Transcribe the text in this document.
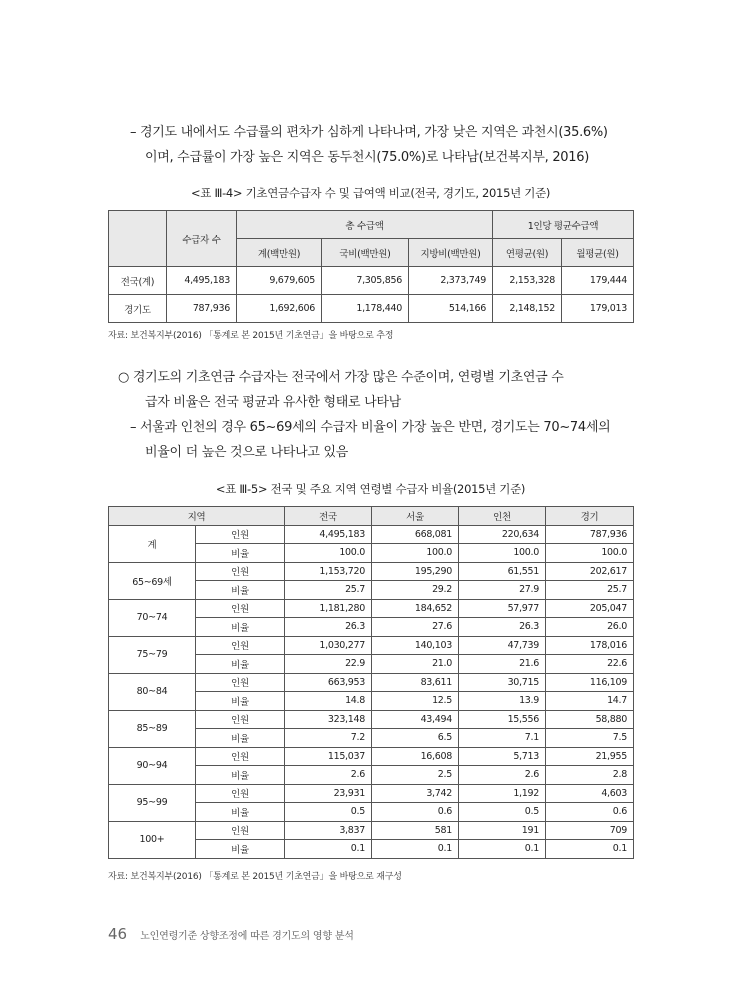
– 경기도 내에서도 수급률의 편차가 심하게 나타나며, 가장 낮은 지역은 과천시(35.6%)
이며, 수급률이 가장 높은 지역은 동두천시(75.0%)로 나타남(보건복지부, 2016)
<표 Ⅲ-4> 기초연금수급자 수 및 급여액 비교(전국, 경기도, 2015년 기준)
	수급자 수	총 수급액			1인당 평균수급액	
		계(백만원)	국비(백만원)	지방비(백만원)	연평균(원)	월평균(원)
전국(계)	4,495,183	9,679,605	7,305,856	2,373,749	2,153,328	179,444
경기도	787,936	1,692,606	1,178,440	514,166	2,148,152	179,013
자료: 보건복지부(2016) 「통계로 본 2015년 기초연금」을 바탕으로 추정
○ 경기도의 기초연금 수급자는 전국에서 가장 많은 수준이며, 연령별 기초연금 수
급자 비율은 전국 평균과 유사한 형태로 나타남
– 서울과 인천의 경우 65~69세의 수급자 비율이 가장 높은 반면, 경기도는 70~74세의
비율이 더 높은 것으로 나타나고 있음
<표 Ⅲ-5> 전국 및 주요 지역 연령별 수급자 비율(2015년 기준)
지역		전국	서울	인천	경기
계	인원	4,495,183	668,081	220,634	787,936
	비율	100.0	100.0	100.0	100.0
65~69세	인원	1,153,720	195,290	61,551	202,617
	비율	25.7	29.2	27.9	25.7
70~74	인원	1,181,280	184,652	57,977	205,047
	비율	26.3	27.6	26.3	26.0
75~79	인원	1,030,277	140,103	47,739	178,016
	비율	22.9	21.0	21.6	22.6
80~84	인원	663,953	83,611	30,715	116,109
	비율	14.8	12.5	13.9	14.7
85~89	인원	323,148	43,494	15,556	58,880
	비율	7.2	6.5	7.1	7.5
90~94	인원	115,037	16,608	5,713	21,955
	비율	2.6	2.5	2.6	2.8
95~99	인원	23,931	3,742	1,192	4,603
	비율	0.5	0.6	0.5	0.6
100+	인원	3,837	581	191	709
	비율	0.1	0.1	0.1	0.1
자료: 보건복지부(2016) 「통계로 본 2015년 기초연금」을 바탕으로 재구성
46 노인연령기준 상향조정에 따른 경기도의 영향 분석
